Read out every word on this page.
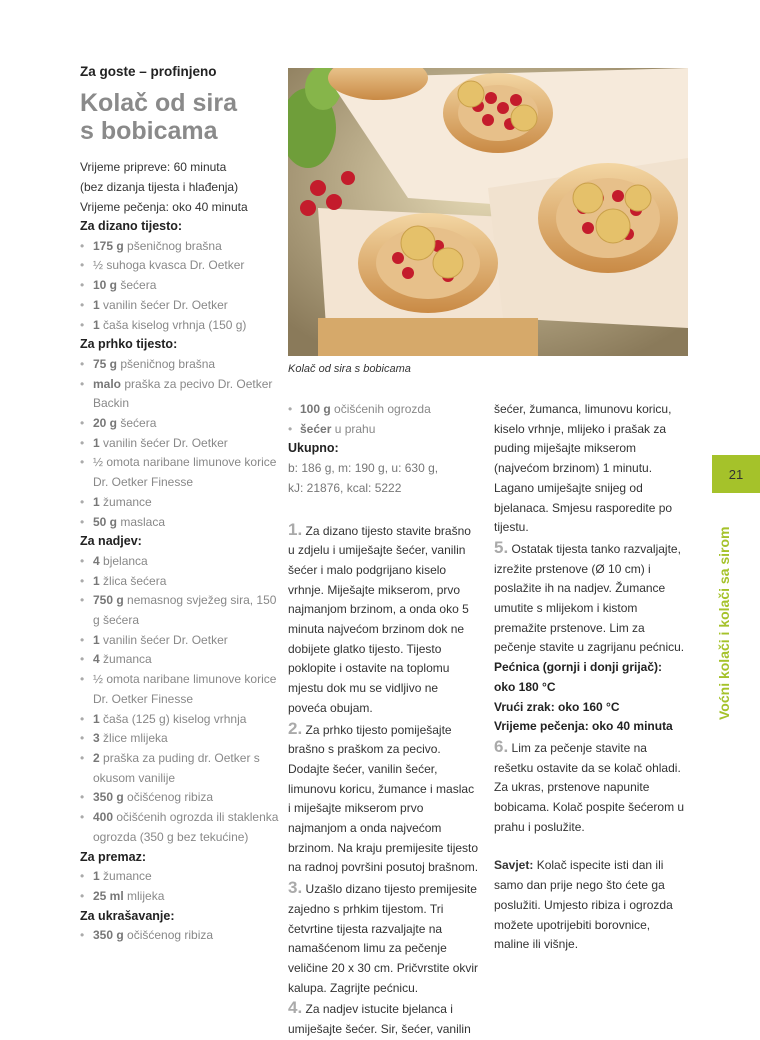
Za goste – profinjeno
Kolač od sira
s bobicama
Vrijeme pripreve: 60 minuta
(bez dizanja tijesta i hlađenja)
Vrijeme pečenja: oko 40 minuta
Za dizano tijesto:
• 175 g pšeničnog brašna
• ½ suhoga kvasca Dr. Oetker
• 10 g šećera
• 1 vanilin šećer Dr. Oetker
• 1 čaša kiselog vrhnja (150 g)
Za prhko tijesto:
• 75 g pšeničnog brašna
• malo praška za pecivo Dr. Oetker Backin
• 20 g šećera
• 1 vanilin šećer Dr. Oetker
• ½ omota naribane limunove korice Dr. Oetker Finesse
• 1 žumance
• 50 g maslaca
Za nadjev:
• 4 bjelanca
• 1 žlica šećera
• 750 g nemasnog svježeg sira, 150 g šećera
• 1 vanilin šećer Dr. Oetker
• 4 žumanca
• ½ omota naribane limunove korice Dr. Oetker Finesse
• 1 čaša (125 g) kiselog vrhnja
• 3 žlice mlijeka
• 2 praška za puding dr. Oetker s okusom vanilije
• 350 g očišćenog ribiza
• 400 očišćenih ogrozda ili staklenka ogrozda (350 g bez tekućine)
Za premaz:
• 1 žumance
• 25 ml mlijeka
Za ukrašavanje:
• 350 g očišćenog ribiza
Kolač od sira s bobicama
• 100 g očišćenih ogrozda
• šećer u prahu
Ukupno:
b: 186 g, m: 190 g, u: 630 g,
kJ: 21876, kcal: 5222

1. Za dizano tijesto stavite brašno u zdjelu i umiješajte šećer, vanilin šećer i malo podgrijano kiselo vrhnje. Miješajte mikserom, prvo najmanjom brzinom, a onda oko 5 minuta najvećom brzinom dok ne dobijete glatko tijesto. Tijesto poklopite i ostavite na toplomu mjestu dok mu se vidljivo ne poveća obujam.

2. Za prhko tijesto pomiješajte brašno s praškom za pecivo. Dodajte šećer, vanilin šećer, limunovu koricu, žumance i maslac i miješajte mikserom prvo najmanjom a onda najvećom brzinom. Na kraju premijesite tijesto na radnoj površini posutoj brašnom.

3. Uzašlo dizano tijesto premijesite zajedno s prhkim tijestom. Tri četvrtine tijesta razvaljajte na namašćenom limu za pečenje veličine 20 x 30 cm. Pričvrstite okvir kalupa. Zagrijte pećnicu.

4. Za nadjev istucite bjelanca i umiješajte šećer. Sir, šećer, vanilin

šećer, žumanca, limunovu koricu, kiselo vrhnje, mlijeko i prašak za puding miješajte mikserom (najvećom brzinom) 1 minutu. Lagano umiješajte snijeg od bjelanaca. Smjesu rasporedite po tijestu.

5. Ostatak tijesta tanko razvaljajte, izrežite prstenove (Ø 10 cm) i poslažite ih na nadjev. Žumance umutite s mlijekom i kistom premažite prstenove. Lim za pečenje stavite u zagrijanu pećnicu.

Pećnica (gornji i donji grijač):
oko 180 °C
Vrući zrak: oko 160 °C
Vrijeme pečenja: oko 40 minuta

6. Lim za pečenje stavite na rešetku ostavite da se kolač ohladi. Za ukras, prstenove napunite bobicama. Kolač pospite šećerom u prahu i poslužite.

Savjet: Kolač ispecite isti dan ili samo dan prije nego što ćete ga poslužiti. Umjesto ribiza i ogrozda možete upotrijebiti borovnice, maline ili višnje.

21
Voćni kolači i kolači sa sirom
